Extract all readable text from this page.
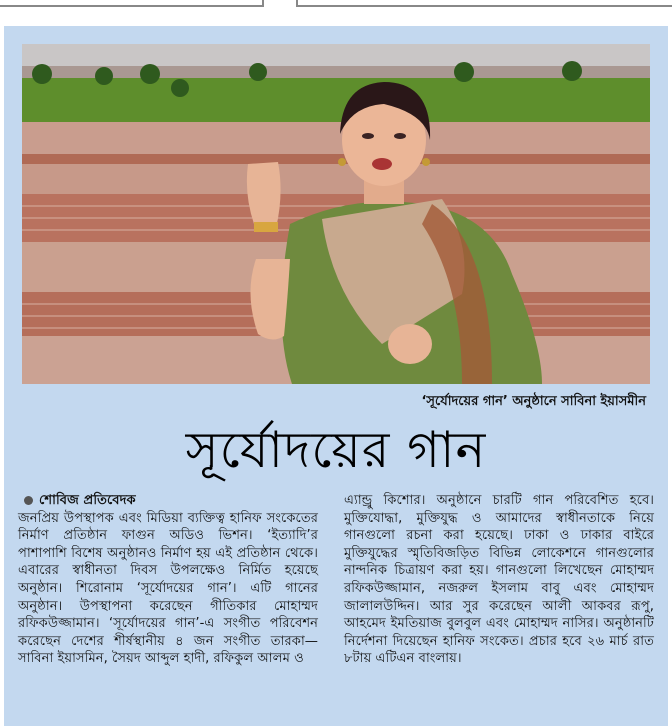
‘সূর্যোদয়ের গান’ অনুষ্ঠানে সাবিনা ইয়াসমীন
সূর্যোদয়ের গান
শোবিজ প্রতিবেদক

জনপ্রিয় উপস্থাপক এবং মিডিয়া ব্যক্তিত্ব হানিফ সংকেতের নির্মাণ প্রতিষ্ঠান ফাগুন অডিও ভিশন। ‘ইত্যাদি’র পাশাপাশি বিশেষ অনুষ্ঠানও নির্মাণ হয় এই প্রতিষ্ঠান থেকে। এবারের স্বাধীনতা দিবস উপলক্ষেও নির্মিত হয়েছে অনুষ্ঠান। শিরোনাম ‘সূর্যোদয়ের গান’। এটি গানের অনুষ্ঠান। উপস্থাপনা করেছেন গীতিকার মোহাম্মদ রফিকউজ্জামান। ‘সূর্যোদয়ের গান’-এ সংগীত পরিবেশন করেছেন দেশের শীর্ষস্থানীয় ৪ জন সংগীত তারকা— সাবিনা ইয়াসমিন, সৈয়দ আব্দুল হাদী, রফিকুল আলম ও

এ্যান্ড্রু কিশোর। অনুষ্ঠানে চারটি গান পরিবেশিত হবে। মুক্তিযোদ্ধা, মুক্তিযুদ্ধ ও আমাদের স্বাধীনতাকে নিয়ে গানগুলো রচনা করা হয়েছে। ঢাকা ও ঢাকার বাইরে মুক্তিযুদ্ধের স্মৃতিবিজড়িত বিভিন্ন লোকেশনে গানগুলোর নান্দনিক চিত্রায়ণ করা হয়। গানগুলো লিখেছেন মোহাম্মদ রফিকউজ্জামান, নজরুল ইসলাম বাবু এবং মোহাম্মদ জালালউদ্দিন। আর সুর করেছেন আলী আকবর রূপু, আহমেদ ইমতিয়াজ বুলবুল এবং মোহাম্মদ নাসির। অনুষ্ঠানটি নির্দেশনা দিয়েছেন হানিফ সংকেত। প্রচার হবে ২৬ মার্চ রাত ৮টায় এটিএন বাংলায়।
